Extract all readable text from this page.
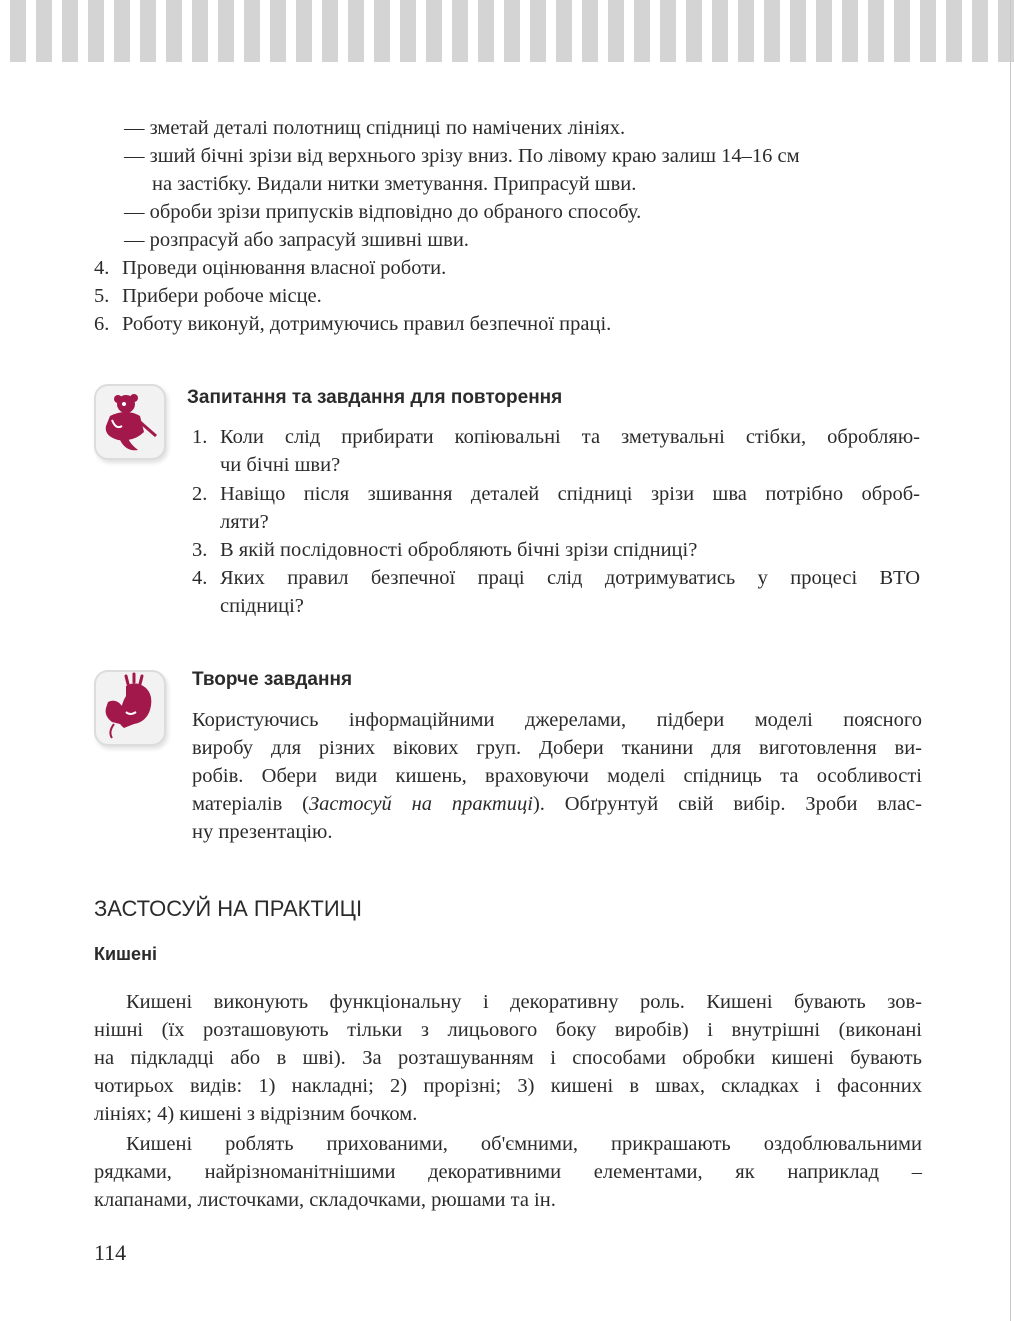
— зметай деталі полотнищ спідниці по намічених лініях.
— зший бічні зрізи від верхнього зрізу вниз. По лівому краю залиш 14–16 см
на застібку. Видали нитки зметування. Припрасуй шви.
— оброби зрізи припусків відповідно до обраного способу.
— розпрасуй або запрасуй зшивні шви.
4. Проведи оцінювання власної роботи.
5. Прибери робоче місце.
6. Роботу виконуй, дотримуючись правил безпечної праці.
Запитання та завдання для повторення
1. Коли слід прибирати копіювальні та зметувальні стібки, обробляю-
чи бічні шви?
2. Навіщо після зшивання деталей спідниці зрізи шва потрібно оброб-
ляти?
3. В якій послідовності обробляють бічні зрізи спідниці?
4. Яких правил безпечної праці слід дотримуватись у процесі ВТО
спідниці?
Творче завдання
Користуючись інформаційними джерелами, підбери моделі поясного
виробу для різних вікових груп. Добери тканини для виготовлення ви-
робів. Обери види кишень, враховуючи моделі спідниць та особливості
матеріалів (Застосуй на практиці). Обґрунтуй свій вибір. Зроби влас-
ну презентацію.
ЗАСТОСУЙ НА ПРАКТИЦІ
Кишені
Кишені виконують функціональну і декоративну роль. Кишені бувають зов-
нішні (їх розташовують тільки з лицьового боку виробів) і внутрішні (виконані
на підкладці або в шві). За розташуванням і способами обробки кишені бувають
чотирьох видів: 1) накладні; 2) прорізні; 3) кишені в швах, складках і фасонних
лініях; 4) кишені з відрізним бочком.
Кишені роблять прихованими, об'ємними, прикрашають оздоблювальними
рядками, найрізноманітнішими декоративними елементами, як наприклад –
клапанами, листочками, складочками, рюшами та ін.
114
